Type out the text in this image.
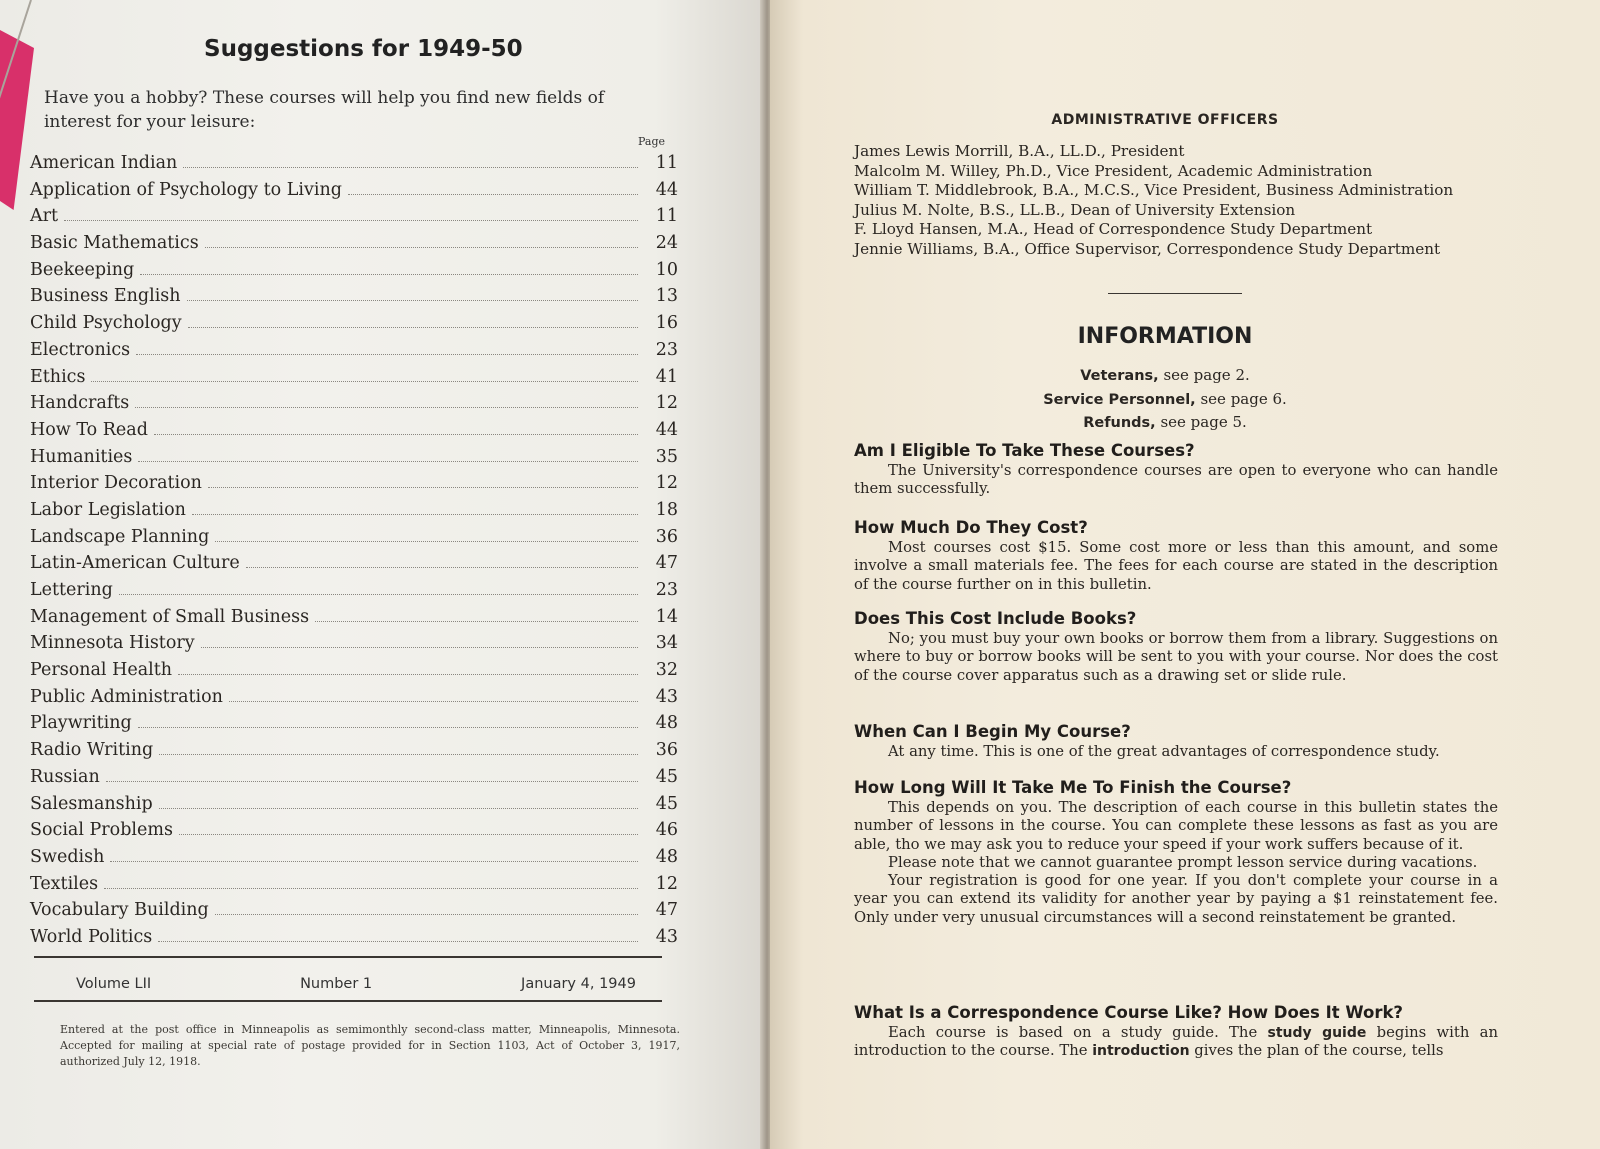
Suggestions for 1949-50
Have you a hobby? These courses will help you find new fields of interest for your leisure:
Page
American Indian	11
Application of Psychology to Living	44
Art	11
Basic Mathematics	24
Beekeeping	10
Business English	13
Child Psychology	16
Electronics	23
Ethics	41
Handcrafts	12
How To Read	44
Humanities	35
Interior Decoration	12
Labor Legislation	18
Landscape Planning	36
Latin-American Culture	47
Lettering	23
Management of Small Business	14
Minnesota History	34
Personal Health	32
Public Administration	43
Playwriting	48
Radio Writing	36
Russian	45
Salesmanship	45
Social Problems	46
Swedish	48
Textiles	12
Vocabulary Building	47
World Politics	43
Volume LII	Number 1	January 4, 1949
Entered at the post office in Minneapolis as semimonthly second-class matter, Minneapolis, Minnesota. Accepted for mailing at special rate of postage provided for in Section 1103, Act of October 3, 1917, authorized July 12, 1918.
ADMINISTRATIVE OFFICERS
James Lewis Morrill, B.A., LL.D., President
Malcolm M. Willey, Ph.D., Vice President, Academic Administration
William T. Middlebrook, B.A., M.C.S., Vice President, Business Administration
Julius M. Nolte, B.S., LL.B., Dean of University Extension
F. Lloyd Hansen, M.A., Head of Correspondence Study Department
Jennie Williams, B.A., Office Supervisor, Correspondence Study Department
INFORMATION
Veterans, see page 2.
Service Personnel, see page 6.
Refunds, see page 5.
Am I Eligible To Take These Courses?

The University's correspondence courses are open to everyone who can handle them successfully.

How Much Do They Cost?

Most courses cost $15. Some cost more or less than this amount, and some involve a small materials fee. The fees for each course are stated in the description of the course further on in this bulletin.

Does This Cost Include Books?

No; you must buy your own books or borrow them from a library. Suggestions on where to buy or borrow books will be sent to you with your course. Nor does the cost of the course cover apparatus such as a drawing set or slide rule.

When Can I Begin My Course?

At any time. This is one of the great advantages of correspondence study.

How Long Will It Take Me To Finish the Course?

This depends on you. The description of each course in this bulletin states the number of lessons in the course. You can complete these lessons as fast as you are able, tho we may ask you to reduce your speed if your work suffers because of it.

Please note that we cannot guarantee prompt lesson service during vacations.

Your registration is good for one year. If you don't complete your course in a year you can extend its validity for another year by paying a $1 reinstatement fee. Only under very unusual circumstances will a second reinstatement be granted.

What Is a Correspondence Course Like? How Does It Work?

Each course is based on a study guide. The study guide begins with an introduction to the course. The introduction gives the plan of the course, tells
